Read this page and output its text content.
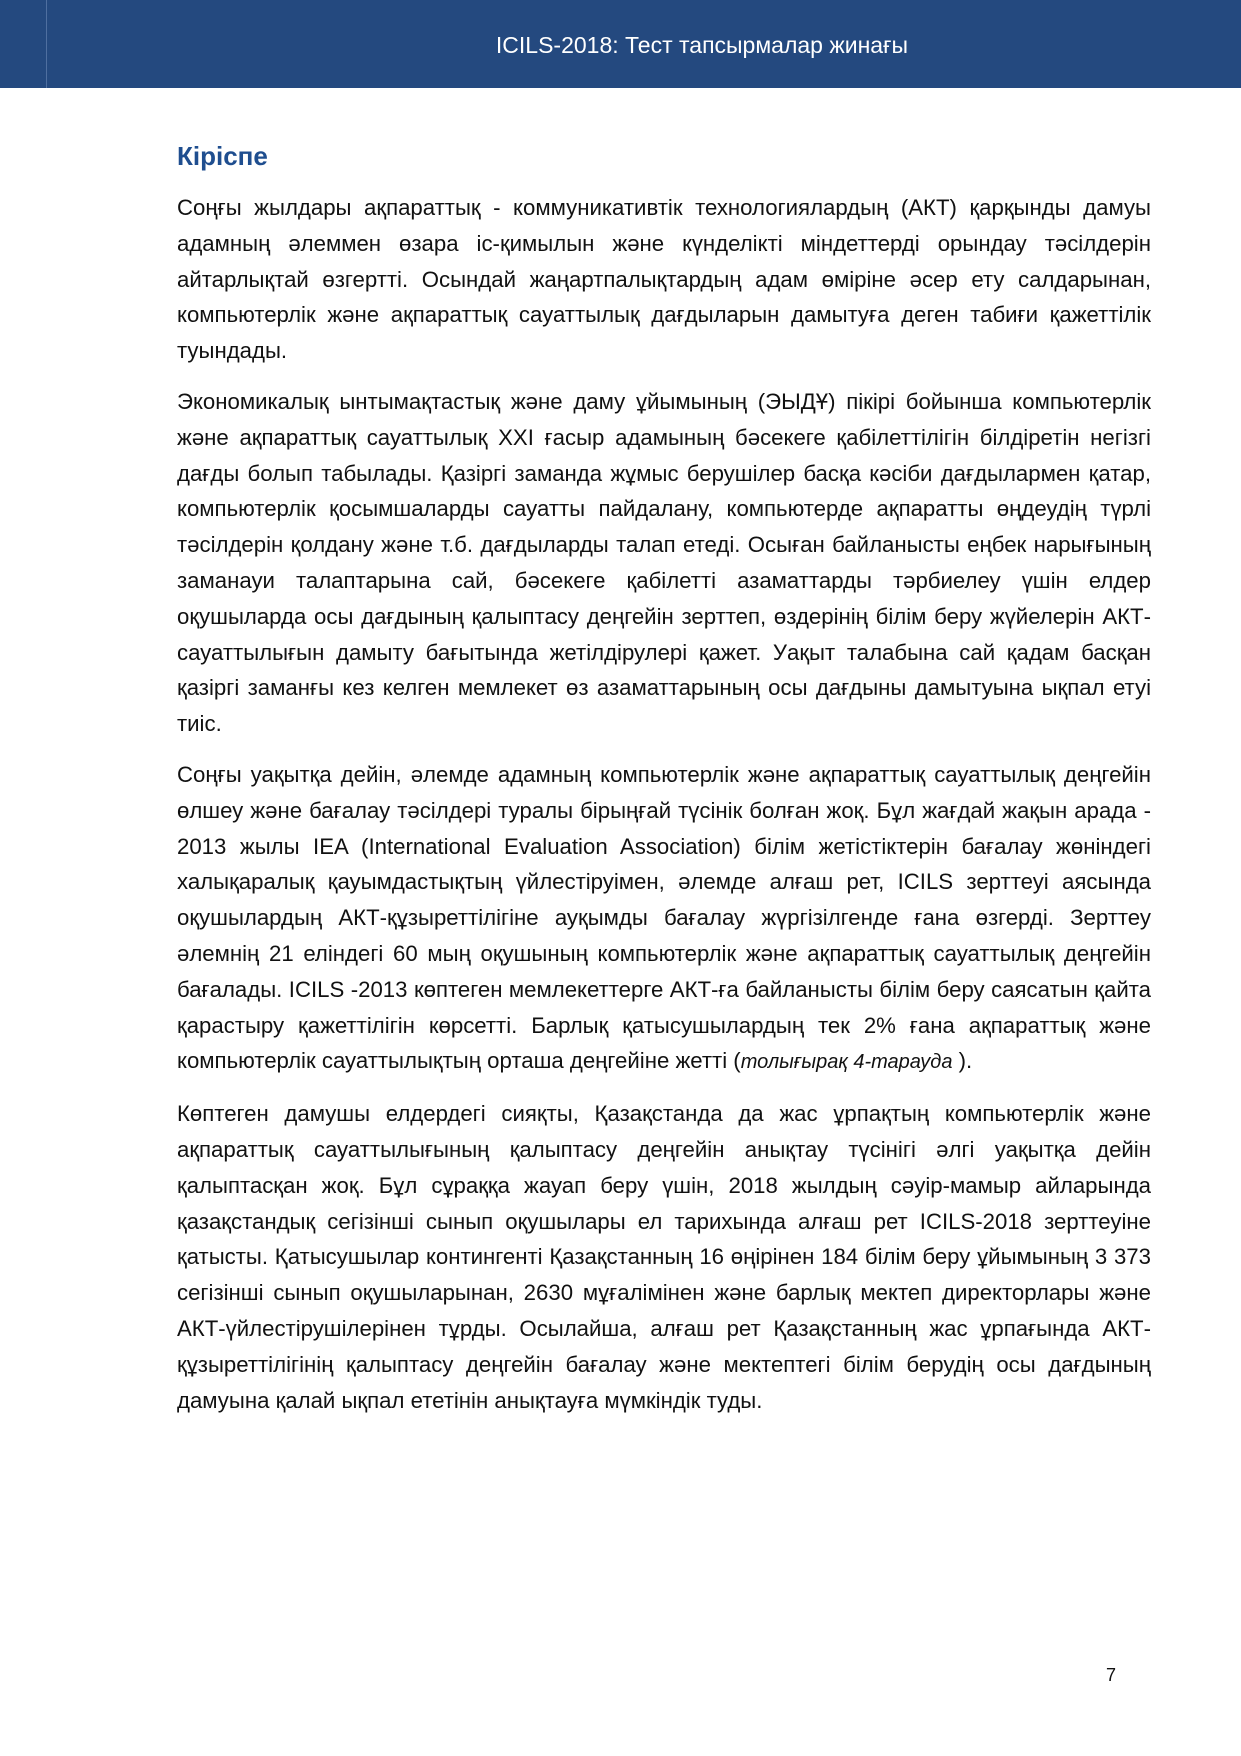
ICILS-2018: Тест тапсырмалар жинағы
Кіріспе

Соңғы жылдары ақпараттық - коммуникативтік технологиялардың (АКТ) қарқынды дамуы адамның әлеммен өзара іс-қимылын және күнделікті міндеттерді орындау тәсілдерін айтарлықтай өзгертті. Осындай жаңартпалықтардың адам өміріне әсер ету салдарынан, компьютерлік және ақпараттық сауаттылық дағдыларын дамытуға деген табиғи қажеттілік туындады.

Экономикалық ынтымақтастық және даму ұйымының (ЭЫДҰ) пікірі бойынша компьютерлік және ақпараттық сауаттылық XXI ғасыр адамының бәсекеге қабілеттілігін білдіретін негізгі дағды болып табылады. Қазіргі заманда жұмыс берушілер басқа кәсіби дағдылармен қатар, компьютерлік қосымшаларды сауатты пайдалану, компьютерде ақпаратты өңдеудің түрлі тәсілдерін қолдану және т.б. дағдыларды талап етеді. Осыған байланысты еңбек нарығының заманауи талаптарына сай, бәсекеге қабілетті азаматтарды тәрбиелеу үшін елдер оқушыларда осы дағдының қалыптасу деңгейін зерттеп, өздерінің білім беру жүйелерін АКТ-сауаттылығын дамыту бағытында жетілдірулері қажет. Уақыт талабына сай қадам басқан қазіргі заманғы кез келген мемлекет өз азаматтарының осы дағдыны дамытуына ықпал етуі тиіс.

Соңғы уақытқа дейін, әлемде адамның компьютерлік және ақпараттық сауаттылық деңгейін өлшеу және бағалау тәсілдері туралы бірыңғай түсінік болған жоқ. Бұл жағдай жақын арада - 2013 жылы IEA (International Evaluation Association) білім жетістіктерін бағалау жөніндегі халықаралық қауымдастықтың үйлестіруімен, әлемде алғаш рет, ICILS зерттеуі аясында оқушылардың АКТ-құзыреттілігіне ауқымды бағалау жүргізілгенде ғана өзгерді. Зерттеу әлемнің 21 еліндегі 60 мың оқушының компьютерлік және ақпараттық сауаттылық деңгейін бағалады. ICILS -2013 көптеген мемлекеттерге АКТ-ға байланысты білім беру саясатын қайта қарастыру қажеттілігін көрсетті. Барлық қатысушылардың тек 2% ғана ақпараттық және компьютерлік сауаттылықтың орташа деңгейіне жетті (толығырақ 4-тарауда ).

Көптеген дамушы елдердегі сияқты, Қазақстанда да жас ұрпақтың компьютерлік және ақпараттық сауаттылығының қалыптасу деңгейін анықтау түсінігі әлгі уақытқа дейін қалыптасқан жоқ. Бұл сұраққа жауап беру үшін, 2018 жылдың сәуір-мамыр айларында қазақстандық сегізінші сынып оқушылары ел тарихында алғаш рет ICILS-2018 зерттеуіне қатысты. Қатысушылар контингенті Қазақстанның 16 өңірінен 184 білім беру ұйымының 3 373 сегізінші сынып оқушыларынан, 2630 мұғалімінен және барлық мектеп директорлары және АКТ-үйлестірушілерінен тұрды. Осылайша, алғаш рет Қазақстанның жас ұрпағында АКТ-құзыреттілігінің қалыптасу деңгейін бағалау және мектептегі білім берудің осы дағдының дамуына қалай ықпал ететінін анықтауға мүмкіндік туды.

7
